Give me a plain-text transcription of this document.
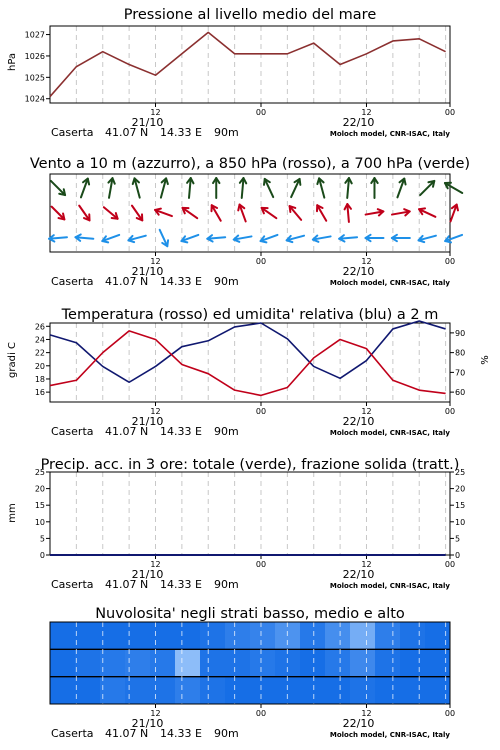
Pressione al livello medio del mare
Vento a 10 m (azzurro), a 850 hPa (rosso), a 700 hPa (verde)
Temperatura (rosso) ed umidita' relativa (blu) a 2 m
Precip. acc. in 3 ore: totale (verde), frazione solida (tratt.)
Nuvolosita' negli strati basso, medio e alto
hPa
gradi C	%
mm
12	00	12	00
21/10	22/10
Caserta 41.07 N 14.33 E 90m	Moloch model, CNR-ISAC, Italy
1024
1025
1026
1027
12	00	12	00
21/10	22/10
Caserta 41.07 N 14.33 E 90m	Moloch model, CNR-ISAC, Italy
12	00	12	00
21/10	22/10
Caserta 41.07 N 14.33 E 90m	Moloch model, CNR-ISAC, Italy
16
18
20
22
24
26
60
70
80
90
12	00	12	00
21/10	22/10
Caserta 41.07 N 14.33 E 90m	Moloch model, CNR-ISAC, Italy
0
5
10
15
20
25
0
5
10
15
20
25
12	00	12	00
21/10	22/10
Caserta 41.07 N 14.33 E 90m	Moloch model, CNR-ISAC, Italy
